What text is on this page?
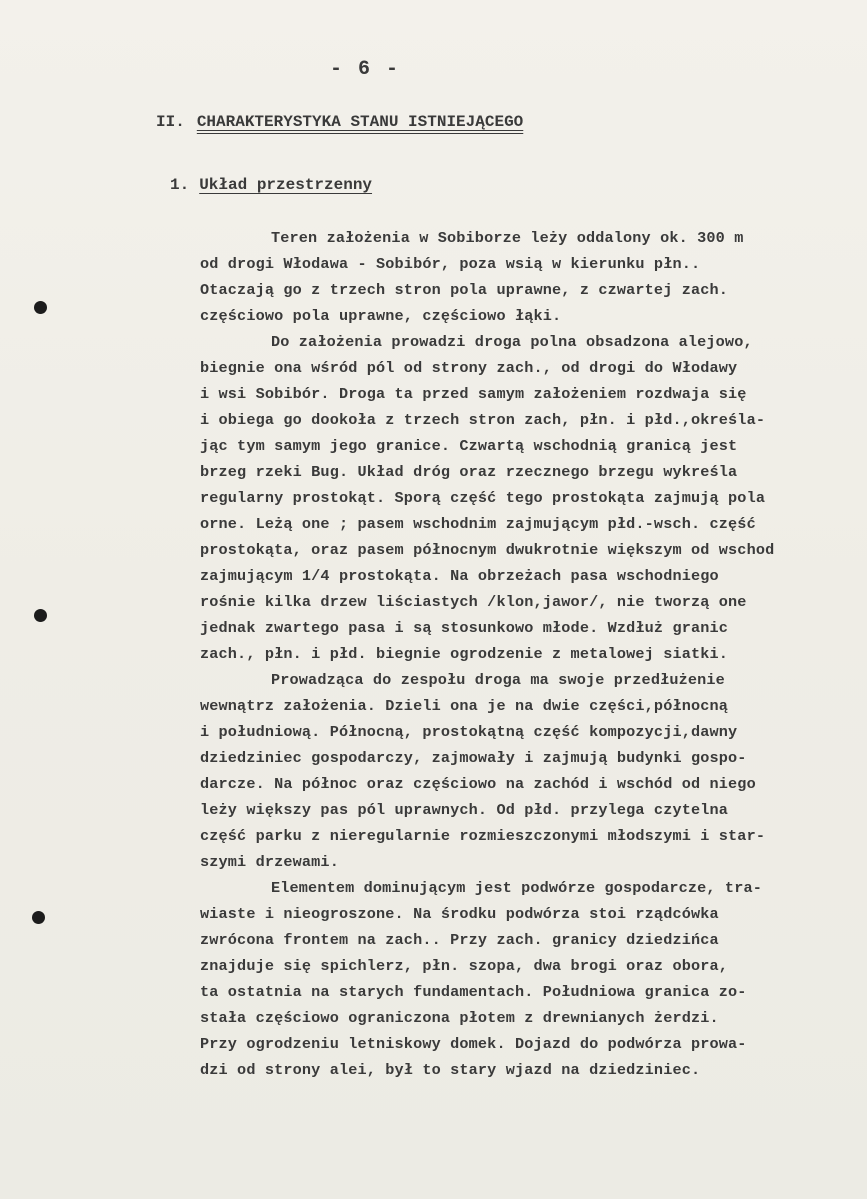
- 6 -
II. CHARAKTERYSTYKA STANU ISTNIEJĄCEGO
1. Układ przestrzenny
Teren założenia w Sobiborze leży oddalony ok. 300 m
od drogi Włodawa - Sobibór, poza wsią w kierunku płn..
Otaczają go z trzech stron pola uprawne, z czwartej zach.
częściowo pola uprawne, częściowo łąki.
Do założenia prowadzi droga polna obsadzona alejowo,
biegnie ona wśród pól od strony zach., od drogi do Włodawy
i wsi Sobibór. Droga ta przed samym założeniem rozdwaja się
i obiega go dookoła z trzech stron zach, płn. i płd.,określa-
jąc tym samym jego granice. Czwartą wschodnią granicą jest
brzeg rzeki Bug. Układ dróg oraz rzecznego brzegu wykreśla
regularny prostokąt. Sporą część tego prostokąta zajmują pola
orne. Leżą one ; pasem wschodnim zajmującym płd.-wsch. część
prostokąta, oraz pasem północnym dwukrotnie większym od wschod
zajmującym 1/4 prostokąta. Na obrzeżach pasa wschodniego
rośnie kilka drzew liściastych /klon,jawor/, nie tworzą one
jednak zwartego pasa i są stosunkowo młode. Wzdłuż granic
zach., płn. i płd. biegnie ogrodzenie z metalowej siatki.
Prowadząca do zespołu droga ma swoje przedłużenie
wewnątrz założenia. Dzieli ona je na dwie części,północną
i południową. Północną, prostokątną część kompozycji,dawny
dziedziniec gospodarczy, zajmowały i zajmują budynki gospo-
darcze. Na północ oraz częściowo na zachód i wschód od niego
leży większy pas pól uprawnych. Od płd. przylega czytelna
część parku z nieregularnie rozmieszczonymi młodszymi i star-
szymi drzewami.
Elementem dominującym jest podwórze gospodarcze, tra-
wiaste i nieogroszone. Na środku podwórza stoi rządcówka
zwrócona frontem na zach.. Przy zach. granicy dziedzińca
znajduje się spichlerz, płn. szopa, dwa brogi oraz obora,
ta ostatnia na starych fundamentach. Południowa granica zo-
stała częściowo ograniczona płotem z drewnianych żerdzi.
Przy ogrodzeniu letniskowy domek. Dojazd do podwórza prowa-
dzi od strony alei, był to stary wjazd na dziedziniec.
